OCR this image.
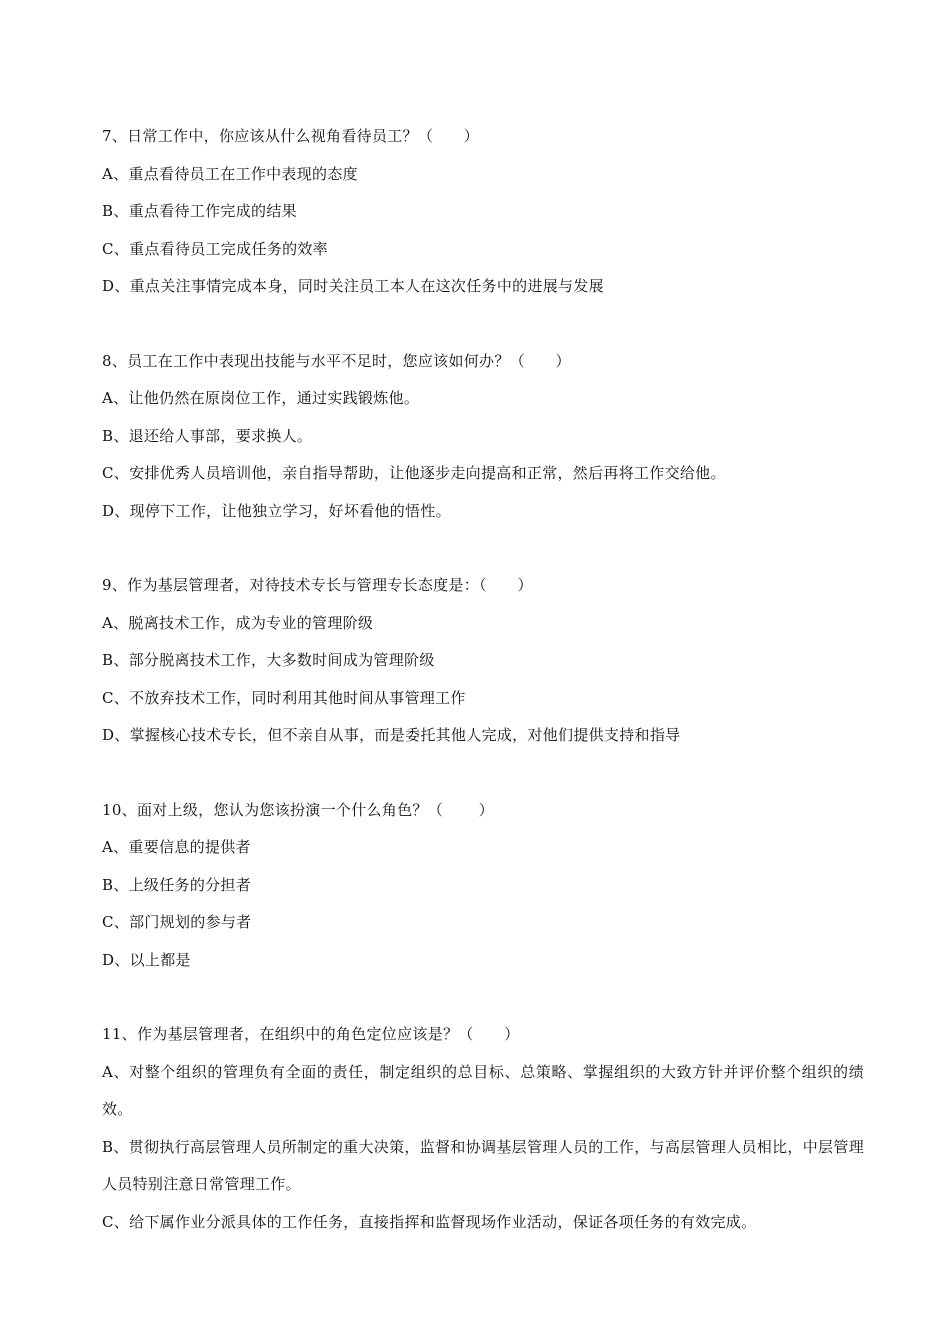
7、日常工作中，你应该从什么视角看待员工？（　　）
A、重点看待员工在工作中表现的态度
B、重点看待工作完成的结果
C、重点看待员工完成任务的效率
D、重点关注事情完成本身，同时关注员工本人在这次任务中的进展与发展
8、员工在工作中表现出技能与水平不足时，您应该如何办？（　　）
A、让他仍然在原岗位工作，通过实践锻炼他。
B、退还给人事部，要求换人。
C、安排优秀人员培训他，亲自指导帮助，让他逐步走向提高和正常，然后再将工作交给他。
D、现停下工作，让他独立学习，好坏看他的悟性。
9、作为基层管理者，对待技术专长与管理专长态度是：（　　）
A、脱离技术工作，成为专业的管理阶级
B、部分脱离技术工作，大多数时间成为管理阶级
C、不放弃技术工作，同时利用其他时间从事管理工作
D、掌握核心技术专长，但不亲自从事，而是委托其他人完成，对他们提供支持和指导
10、面对上级，您认为您该扮演一个什么角色？（　　 ）
A、重要信息的提供者
B、上级任务的分担者
C、部门规划的参与者
D、以上都是
11、作为基层管理者，在组织中的角色定位应该是？（　　）
A、对整个组织的管理负有全面的责任，制定组织的总目标、总策略、掌握组织的大致方针并评价整个组织的绩效。
B、贯彻执行高层管理人员所制定的重大决策，监督和协调基层管理人员的工作，与高层管理人员相比，中层管理人员特别注意日常管理工作。
C、给下属作业分派具体的工作任务，直接指挥和监督现场作业活动，保证各项任务的有效完成。
